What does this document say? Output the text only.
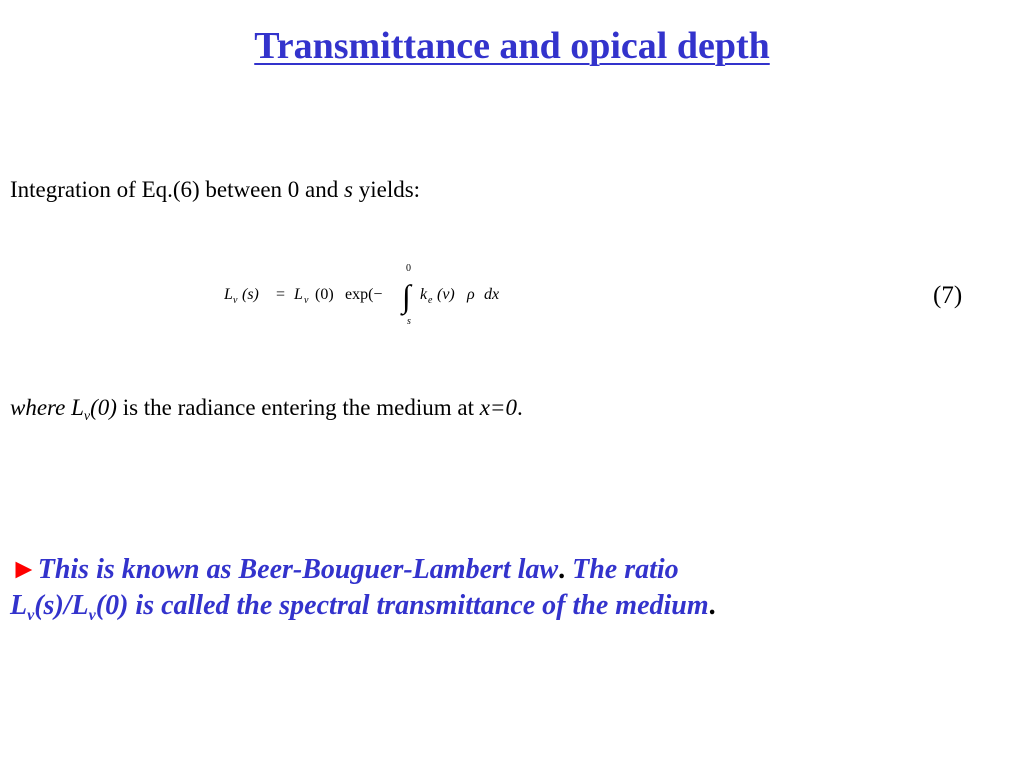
Transmittance and opical depth
Integration of Eq.(6) between 0 and s yields:
L ν (s) = L ν (0) exp(−
0
∫
s
k e (ν) ρ dx	(7)
where $L_\nu(0)$ is the radiance entering the medium at x=0.
►This is known as Beer-Bouguer-Lambert law. The ratio
$L_\nu(s)/L_\nu(0)$ is called the spectral transmittance of the medium.
